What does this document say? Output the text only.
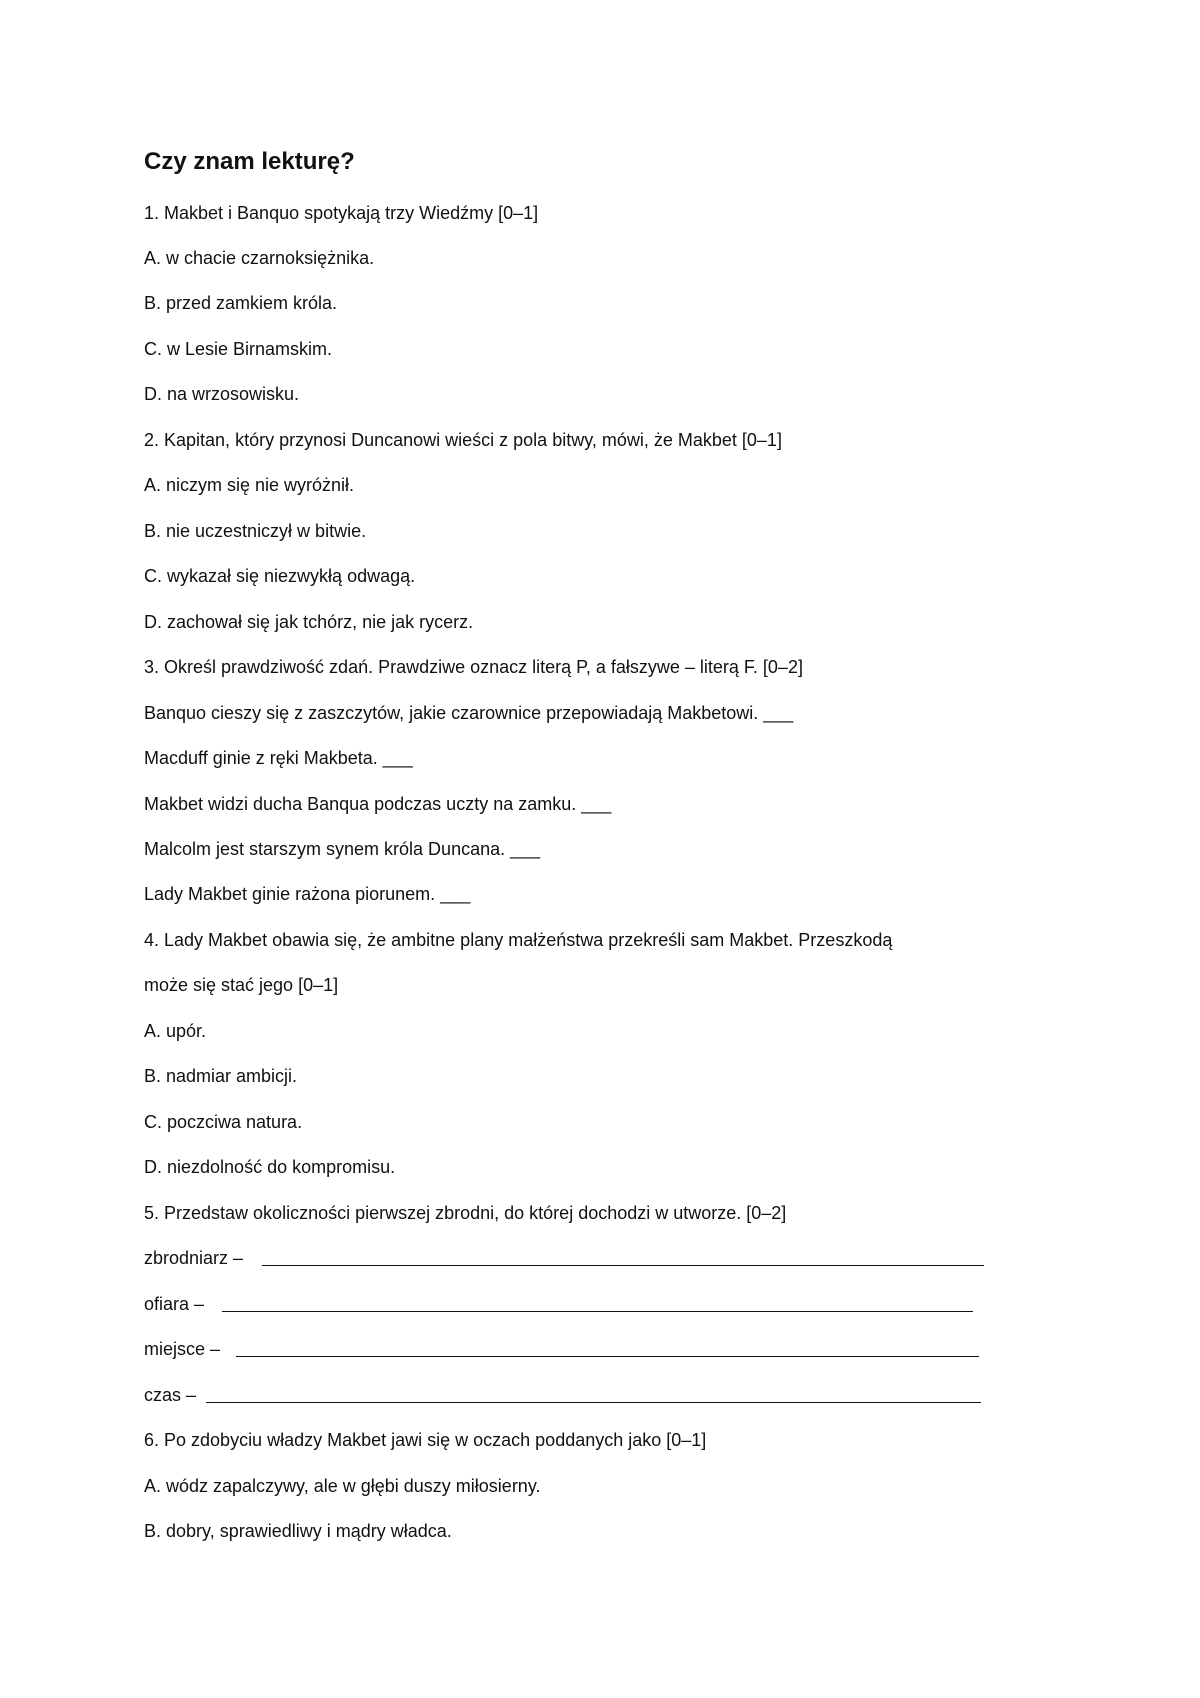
Czy znam lekturę?
1. Makbet i Banquo spotykają trzy Wiedźmy [0–1]
A. w chacie czarnoksiężnika.
B. przed zamkiem króla.
C. w Lesie Birnamskim.
D. na wrzosowisku.
2. Kapitan, który przynosi Duncanowi wieści z pola bitwy, mówi, że Makbet [0–1]
A. niczym się nie wyróżnił.
B. nie uczestniczył w bitwie.
C. wykazał się niezwykłą odwagą.
D. zachował się jak tchórz, nie jak rycerz.
3. Określ prawdziwość zdań. Prawdziwe oznacz literą P, a fałszywe – literą F. [0–2]
Banquo cieszy się z zaszczytów, jakie czarownice przepowiadają Makbetowi. ___
Macduff ginie z ręki Makbeta. ___
Makbet widzi ducha Banqua podczas uczty na zamku. ___
Malcolm jest starszym synem króla Duncana. ___
Lady Makbet ginie rażona piorunem. ___
4. Lady Makbet obawia się, że ambitne plany małżeństwa przekreśli sam Makbet. Przeszkodą
może się stać jego [0–1]
A. upór.
B. nadmiar ambicji.
C. poczciwa natura.
D. niezdolność do kompromisu.
5. Przedstaw okoliczności pierwszej zbrodni, do której dochodzi w utworze. [0–2]
zbrodniarz –
ofiara –
miejsce –
czas –
6. Po zdobyciu władzy Makbet jawi się w oczach poddanych jako [0–1]
A. wódz zapalczywy, ale w głębi duszy miłosierny.
B. dobry, sprawiedliwy i mądry władca.
